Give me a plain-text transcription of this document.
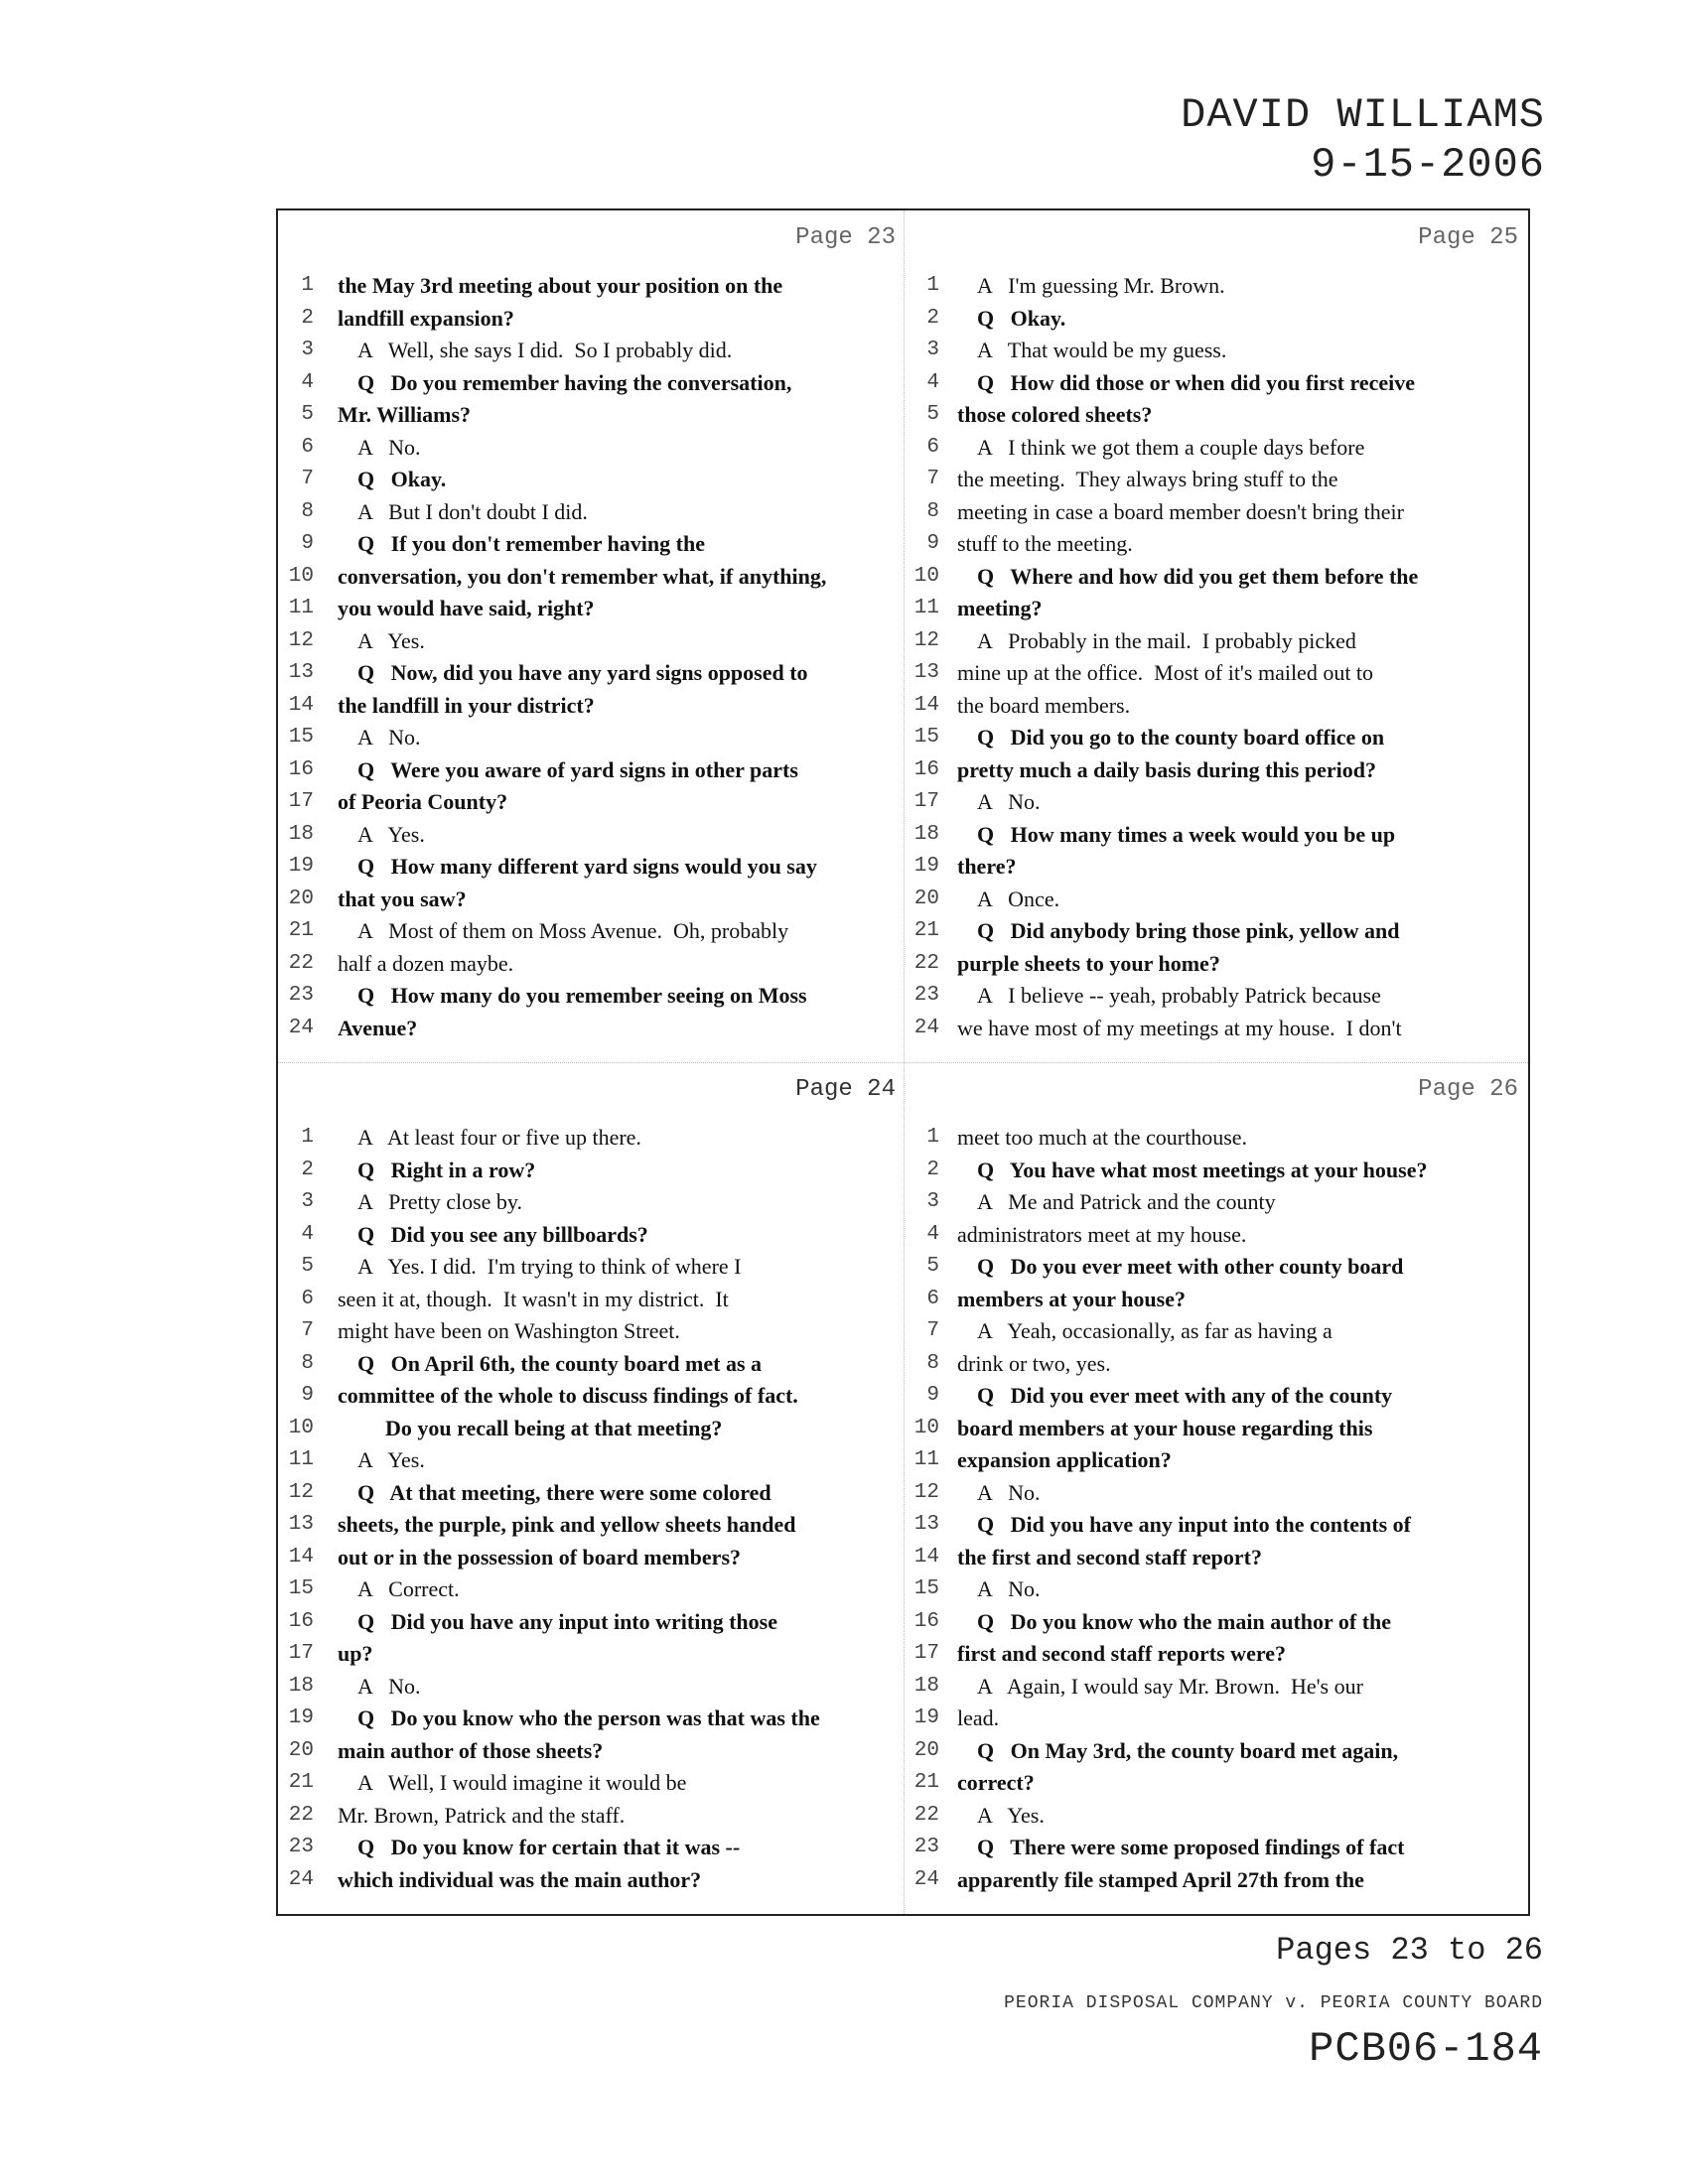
DAVID WILLIAMS
9-15-2006
Page 23
1 the May 3rd meeting about your position on the
2 landfill expansion?
3	A   Well, she says I did.  So I probably did.
4	Q   Do you remember having the conversation,
5 Mr. Williams?
6	A   No.
7	Q   Okay.
8	A   But I don't doubt I did.
9	Q   If you don't remember having the
10 conversation, you don't remember what, if anything,
11 you would have said, right?
12	A   Yes.
13	Q   Now, did you have any yard signs opposed to
14 the landfill in your district?
15	A   No.
16	Q   Were you aware of yard signs in other parts
17 of Peoria County?
18	A   Yes.
19	Q   How many different yard signs would you say
20 that you saw?
21	A   Most of them on Moss Avenue.  Oh, probably
22 half a dozen maybe.
23	Q   How many do you remember seeing on Moss
24 Avenue?
Page 25
1	A   I'm guessing Mr. Brown.
2	Q   Okay.
3	A   That would be my guess.
4	Q   How did those or when did you first receive
5 those colored sheets?
6	A   I think we got them a couple days before
7 the meeting.  They always bring stuff to the
8 meeting in case a board member doesn't bring their
9 stuff to the meeting.
10	Q   Where and how did you get them before the
11 meeting?
12	A   Probably in the mail.  I probably picked
13 mine up at the office.  Most of it's mailed out to
14 the board members.
15	Q   Did you go to the county board office on
16 pretty much a daily basis during this period?
17	A   No.
18	Q   How many times a week would you be up
19 there?
20	A   Once.
21	Q   Did anybody bring those pink, yellow and
22 purple sheets to your home?
23	A   I believe -- yeah, probably Patrick because
24 we have most of my meetings at my house.  I don't
Page 24
1	A   At least four or five up there.
2	Q   Right in a row?
3	A   Pretty close by.
4	Q   Did you see any billboards?
5	A   Yes. I did.  I'm trying to think of where I
6 seen it at, though.  It wasn't in my district.  It
7 might have been on Washington Street.
8	Q   On April 6th, the county board met as a
9 committee of the whole to discuss findings of fact.
10	Do you recall being at that meeting?
11	A   Yes.
12	Q   At that meeting, there were some colored
13 sheets, the purple, pink and yellow sheets handed
14 out or in the possession of board members?
15	A   Correct.
16	Q   Did you have any input into writing those
17 up?
18	A   No.
19	Q   Do you know who the person was that was the
20 main author of those sheets?
21	A   Well, I would imagine it would be
22 Mr. Brown, Patrick and the staff.
23	Q   Do you know for certain that it was --
24 which individual was the main author?
Page 26
1 meet too much at the courthouse.
2	Q   You have what most meetings at your house?
3	A   Me and Patrick and the county
4 administrators meet at my house.
5	Q   Do you ever meet with other county board
6 members at your house?
7	A   Yeah, occasionally, as far as having a
8 drink or two, yes.
9	Q   Did you ever meet with any of the county
10 board members at your house regarding this
11 expansion application?
12	A   No.
13	Q   Did you have any input into the contents of
14 the first and second staff report?
15	A   No.
16	Q   Do you know who the main author of the
17 first and second staff reports were?
18	A   Again, I would say Mr. Brown.  He's our
19 lead.
20	Q   On May 3rd, the county board met again,
21 correct?
22	A   Yes.
23	Q   There were some proposed findings of fact
24 apparently file stamped April 27th from the
Pages 23 to 26
PEORIA DISPOSAL COMPANY v. PEORIA COUNTY BOARD
PCB06-184
